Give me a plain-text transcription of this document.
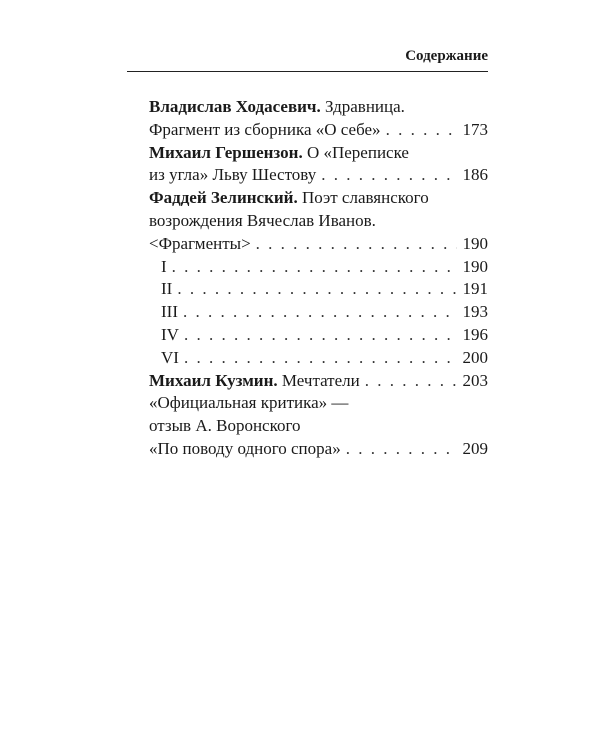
Содержание
Владислав Ходасевич. Здравница.
Фрагмент из сборника «О себе» . . .	173
Михаил Гершензон. О «Переписке
из угла» Льву Шестову . . .	186
Фаддей Зелинский. Поэт славянского
возрождения Вячеслав Иванов.
<Фрагменты> . . .	190
I . . .	190
II . . .	191
III . . .	193
IV . . .	196
VI . . .	200
Михаил Кузмин. Мечтатели . . .	203
«Официальная критика» —
отзыв А. Воронского
«По поводу одного спора» . . .	209
